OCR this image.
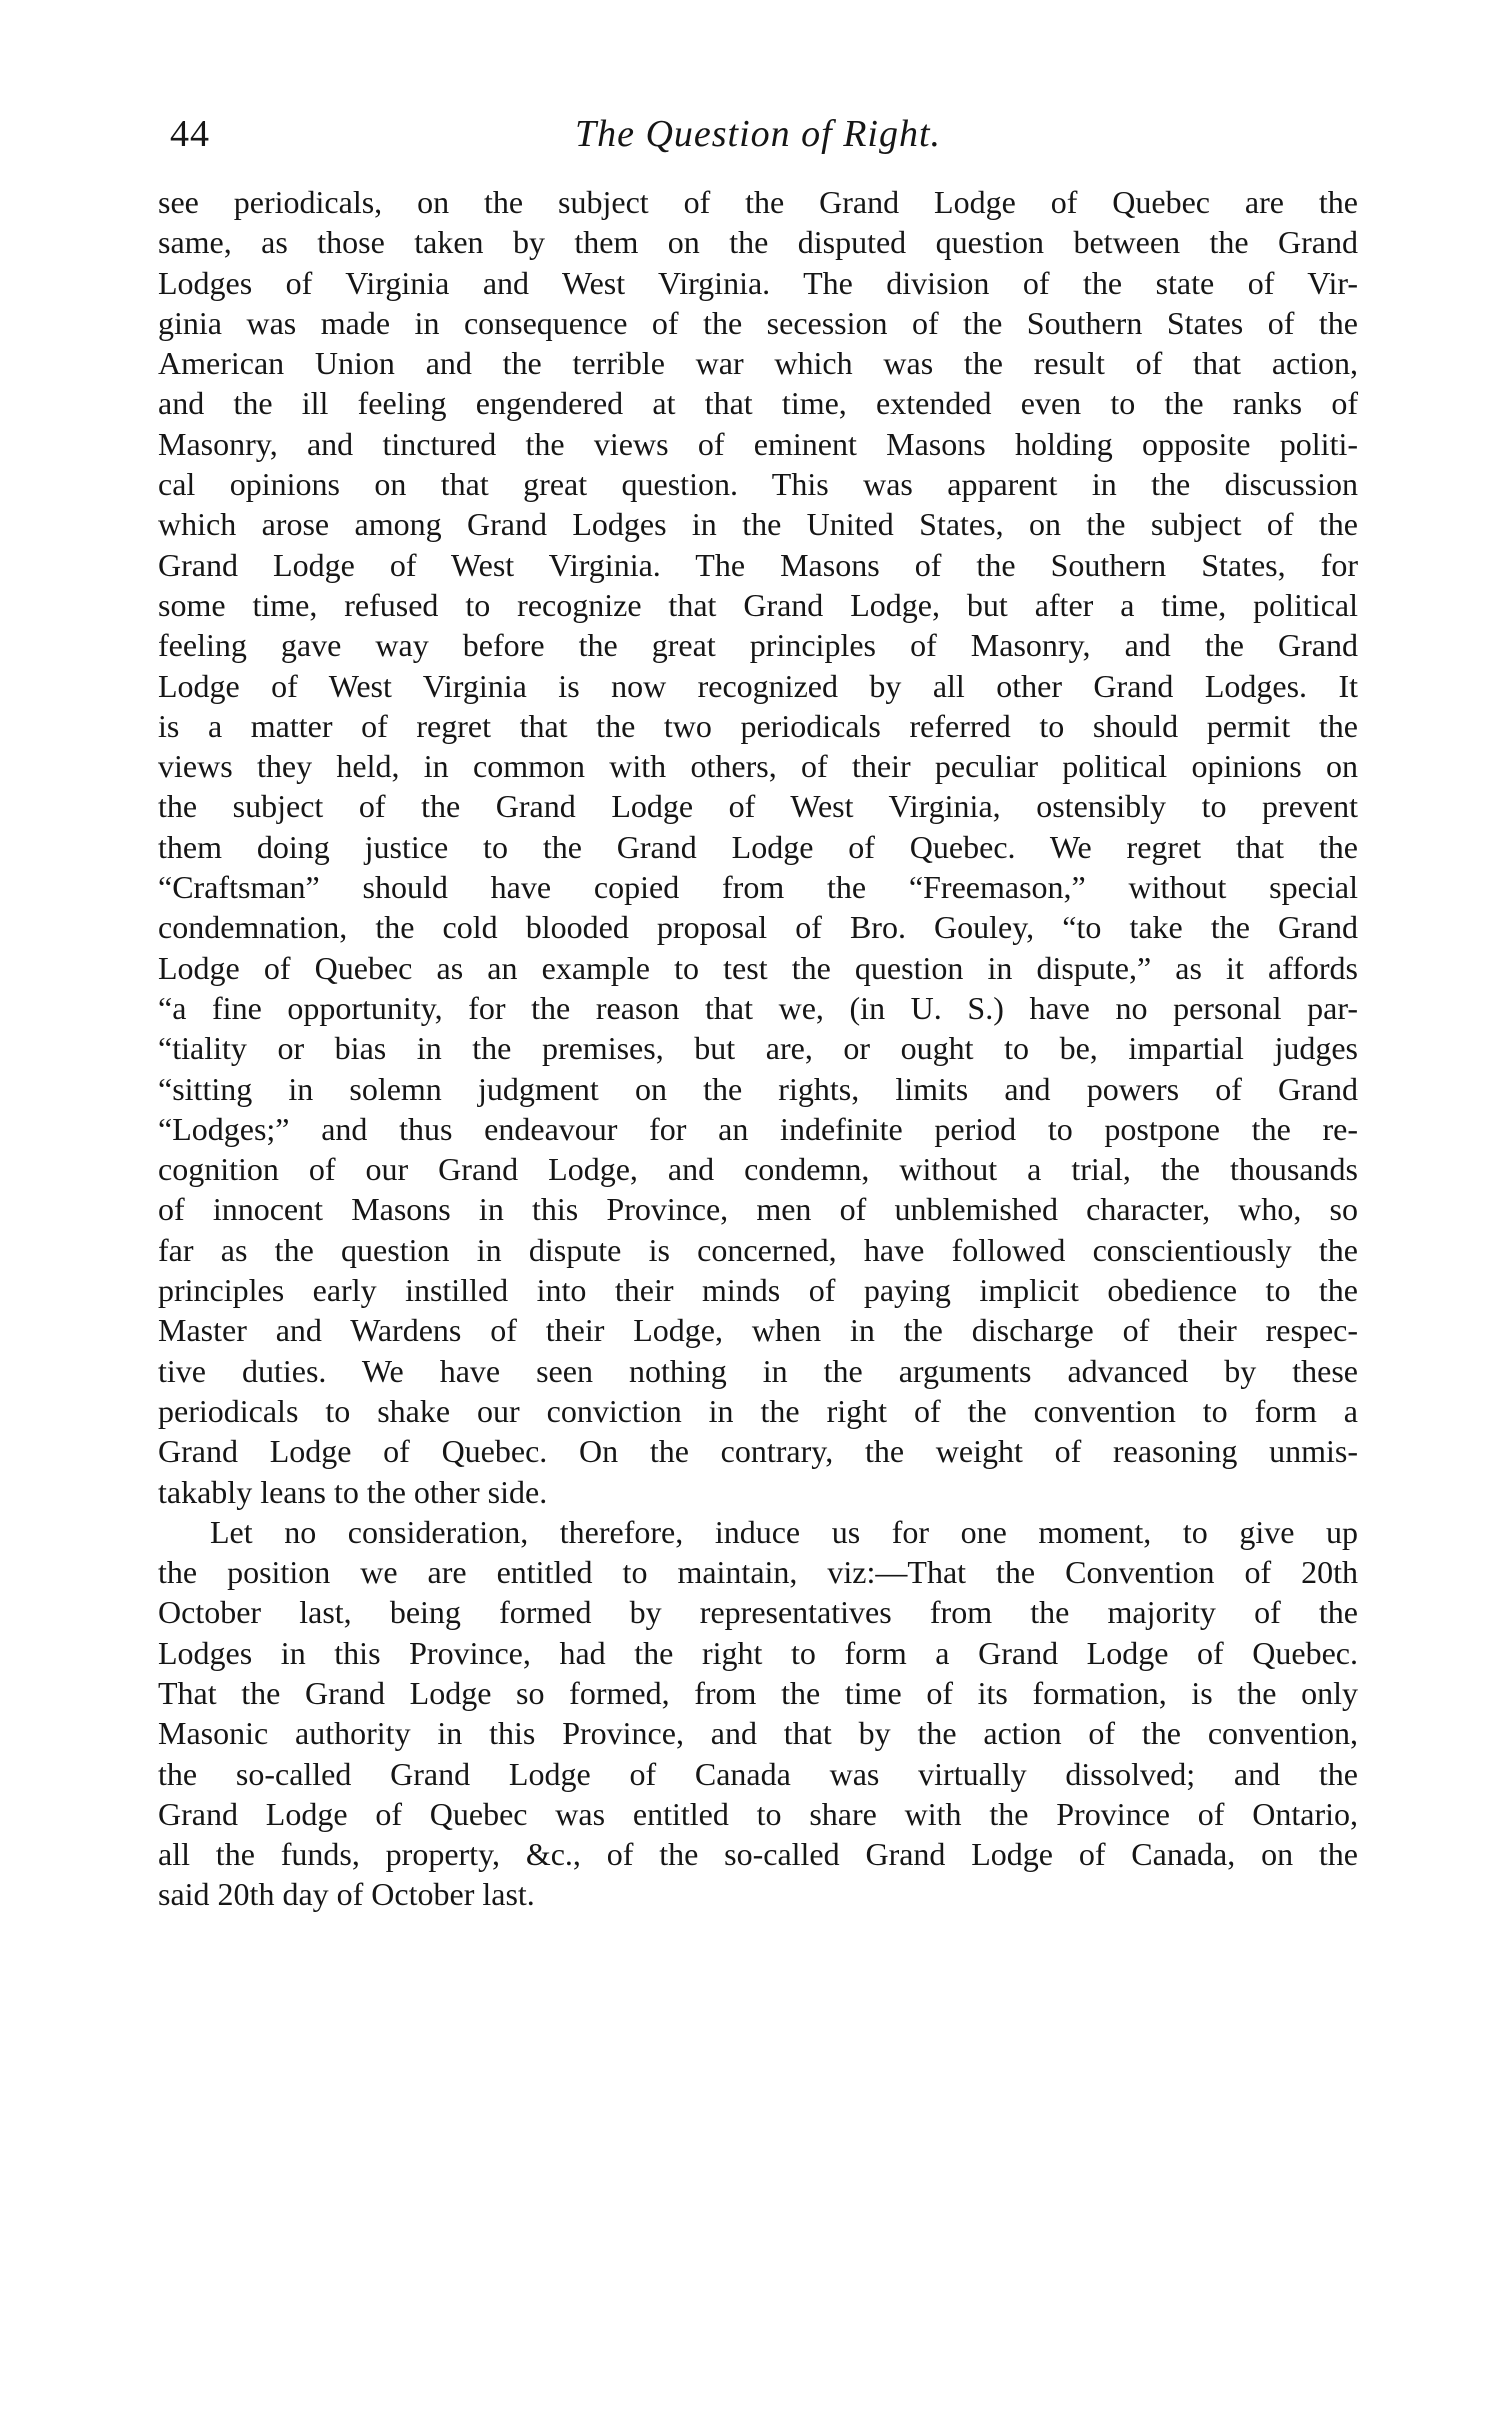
44	The Question of Right.

see periodicals, on the subject of the Grand Lodge of Quebec are the
same, as those taken by them on the disputed question between the Grand
Lodges of Virginia and West Virginia. The division of the state of Vir-
ginia was made in consequence of the secession of the Southern States of the
American Union and the terrible war which was the result of that action,
and the ill feeling engendered at that time, extended even to the ranks of
Masonry, and tinctured the views of eminent Masons holding opposite politi-
cal opinions on that great question. This was apparent in the discussion
which arose among Grand Lodges in the United States, on the subject of the
Grand Lodge of West Virginia. The Masons of the Southern States, for
some time, refused to recognize that Grand Lodge, but after a time, political
feeling gave way before the great principles of Masonry, and the Grand
Lodge of West Virginia is now recognized by all other Grand Lodges. It
is a matter of regret that the two periodicals referred to should permit the
views they held, in common with others, of their peculiar political opinions on
the subject of the Grand Lodge of West Virginia, ostensibly to prevent
them doing justice to the Grand Lodge of Quebec. We regret that the
“Craftsman” should have copied from the “Freemason,” without special
condemnation, the cold blooded proposal of Bro. Gouley, “to take the Grand
Lodge of Quebec as an example to test the question in dispute,” as it affords
“a fine opportunity, for the reason that we, (in U. S.) have no personal par-
“tiality or bias in the premises, but are, or ought to be, impartial judges
“sitting in solemn judgment on the rights, limits and powers of Grand
“Lodges;” and thus endeavour for an indefinite period to postpone the re-
cognition of our Grand Lodge, and condemn, without a trial, the thousands
of innocent Masons in this Province, men of unblemished character, who, so
far as the question in dispute is concerned, have followed conscientiously the
principles early instilled into their minds of paying implicit obedience to the
Master and Wardens of their Lodge, when in the discharge of their respec-
tive duties. We have seen nothing in the arguments advanced by these
periodicals to shake our conviction in the right of the convention to form a
Grand Lodge of Quebec. On the contrary, the weight of reasoning unmis-
takably leans to the other side.

Let no consideration, therefore, induce us for one moment, to give up
the position we are entitled to maintain, viz:—That the Convention of 20th
October last, being formed by representatives from the majority of the
Lodges in this Province, had the right to form a Grand Lodge of Quebec.
That the Grand Lodge so formed, from the time of its formation, is the only
Masonic authority in this Province, and that by the action of the convention,
the so-called Grand Lodge of Canada was virtually dissolved; and the
Grand Lodge of Quebec was entitled to share with the Province of Ontario,
all the funds, property, &c., of the so-called Grand Lodge of Canada, on the
said 20th day of October last.
